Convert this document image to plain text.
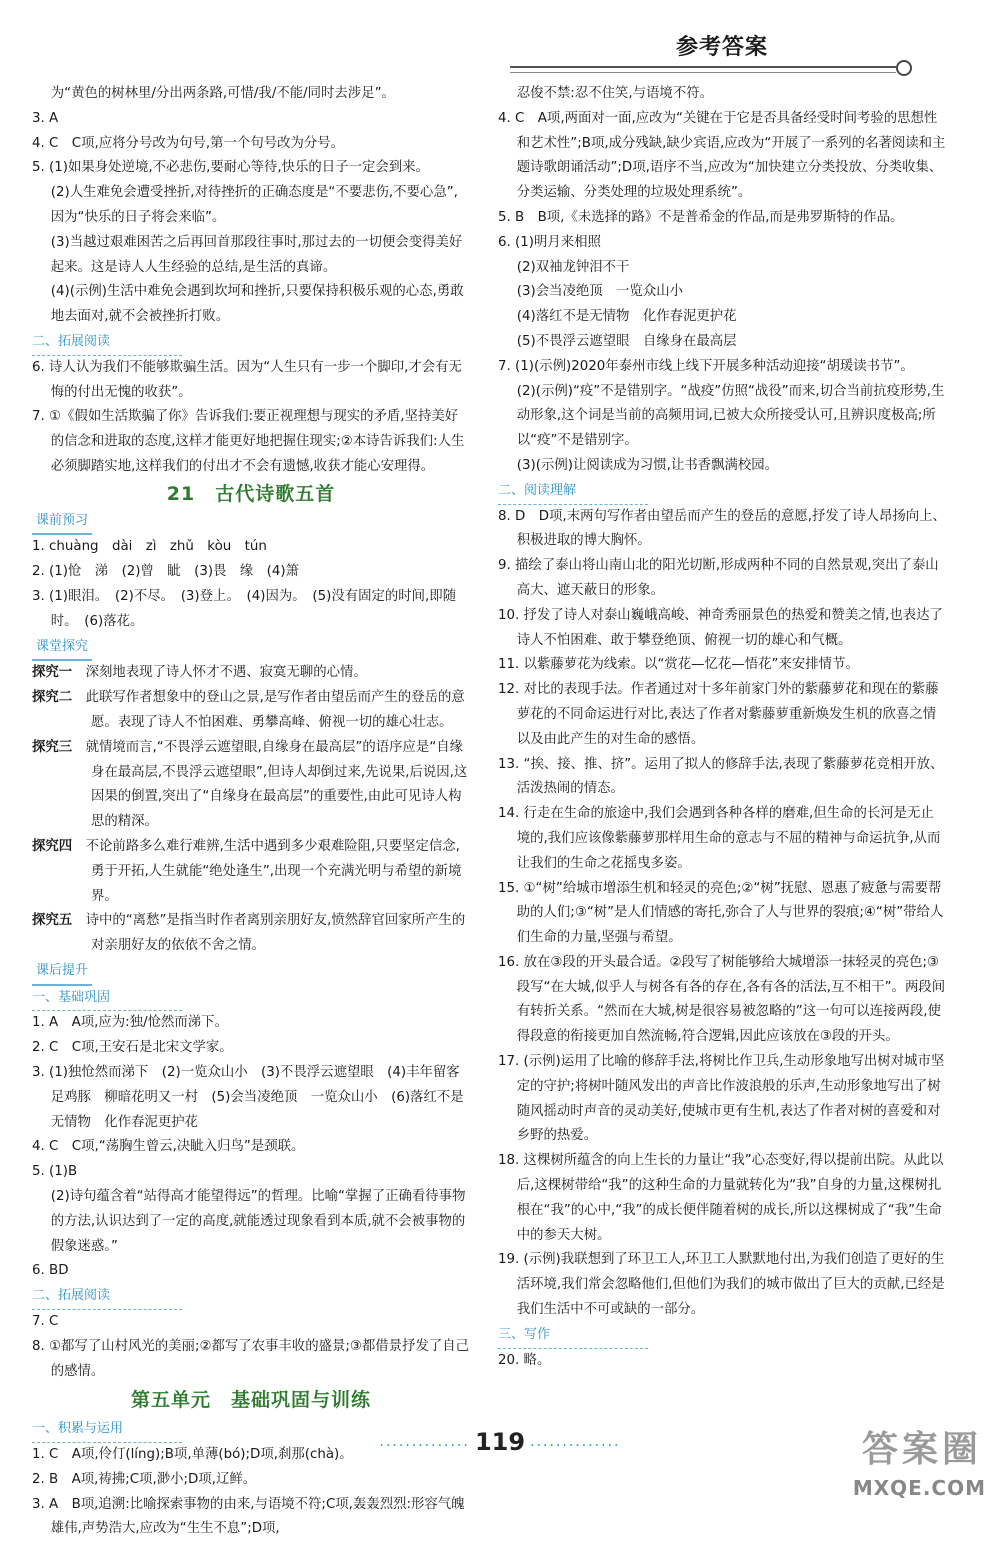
参考答案

为“黄色的树林里/分出两条路,可惜/我/不能/同时去涉足”。

3. A

4. C　C项,应将分号改为句号,第一个句号改为分号。

5. (1)如果身处逆境,不必悲伤,要耐心等待,快乐的日子一定会到来。

(2)人生难免会遭受挫折,对待挫折的正确态度是“不要悲伤,不要心急”,因为“快乐的日子将会来临”。

(3)当越过艰难困苦之后再回首那段往事时,那过去的一切便会变得美好起来。这是诗人人生经验的总结,是生活的真谛。

(4)(示例)生活中难免会遇到坎坷和挫折,只要保持积极乐观的心态,勇敢地去面对,就不会被挫折打败。

二、拓展阅读

6. 诗人认为我们不能够欺骗生活。因为“人生只有一步一个脚印,才会有无悔的付出无愧的收获”。

7. ①《假如生活欺骗了你》告诉我们:要正视理想与现实的矛盾,坚持美好的信念和进取的态度,这样才能更好地把握住现实;②本诗告诉我们:人生必须脚踏实地,这样我们的付出才不会有遗憾,收获才能心安理得。

21　古代诗歌五首

课前预习

1. chuàng　dài　zì　zhǔ　kòu　tún

2. (1)怆　涕　(2)曾　眦　(3)畏　缘　(4)箫

3. (1)眼泪。　(2)不尽。　(3)登上。　(4)因为。　(5)没有固定的时间,即随时。　(6)落花。

课堂探究

探究一　 深刻地表现了诗人怀才不遇、寂寞无聊的心情。

探究二　 此联写作者想象中的登山之景,是写作者由望岳而产生的登岳的意愿。表现了诗人不怕困难、勇攀高峰、俯视一切的雄心壮志。

探究三　 就情境而言,“不畏浮云遮望眼,自缘身在最高层”的语序应是“自缘身在最高层,不畏浮云遮望眼”,但诗人却倒过来,先说果,后说因,这因果的倒置,突出了“自缘身在最高层”的重要性,由此可见诗人构思的精深。

探究四　 不论前路多么难行难辨,生活中遇到多少艰难险阻,只要坚定信念,勇于开拓,人生就能“绝处逢生”,出现一个充满光明与希望的新境界。

探究五　 诗中的“离愁”是指当时作者离别亲朋好友,愤然辞官回家所产生的对亲朋好友的依依不舍之情。

课后提升

一、基础巩固

1. A　A项,应为:独/怆然而涕下。

2. C　C项,王安石是北宋文学家。

3. (1)独怆然而涕下　(2)一览众山小　(3)不畏浮云遮望眼　(4)丰年留客足鸡豚　柳暗花明又一村　(5)会当凌绝顶　一览众山小　(6)落红不是无情物　化作春泥更护花

4. C　C项,“荡胸生曾云,决眦入归鸟”是颈联。

5. (1)B

(2)诗句蕴含着“站得高才能望得远”的哲理。比喻“掌握了正确看待事物的方法,认识达到了一定的高度,就能透过现象看到本质,就不会被事物的假象迷惑。”

6. BD

二、拓展阅读

7. C

8. ①都写了山村风光的美丽;②都写了农事丰收的盛景;③都借景抒发了自己的感情。

第五单元　基础巩固与训练

一、积累与运用

1. C　A项,伶仃(líng);B项,单薄(bó);D项,刹那(chà)。

2. B　A项,祷拂;C项,渺小;D项,辽鲜。

3. A　B项,追溯:比喻探索事物的由来,与语境不符;C项,轰轰烈烈:形容气魄雄伟,声势浩大,应改为“生生不息”;D项,

忍俊不禁:忍不住笑,与语境不符。

4. C　A项,两面对一面,应改为“关键在于它是否具备经受时间考验的思想性和艺术性”;B项,成分残缺,缺少宾语,应改为“开展了一系列的名著阅读和主题诗歌朗诵活动”;D项,语序不当,应改为“加快建立分类投放、分类收集、分类运输、分类处理的垃圾处理系统”。

5. B　B项,《未选择的路》不是普希金的作品,而是弗罗斯特的作品。

6. (1)明月来相照

(2)双袖龙钟泪不干

(3)会当凌绝顶　一览众山小

(4)落红不是无情物　化作春泥更护花

(5)不畏浮云遮望眼　自缘身在最高层

7. (1)(示例)2020年泰州市线上线下开展多种活动迎接“胡瑗读书节”。

(2)(示例)“疫”不是错别字。“战疫”仿照“战役”而来,切合当前抗疫形势,生动形象,这个词是当前的高频用词,已被大众所接受认可,且辨识度极高;所以“疫”不是错别字。

(3)(示例)让阅读成为习惯,让书香飘满校园。

二、阅读理解

8. D　D项,末两句写作者由望岳而产生的登岳的意愿,抒发了诗人昂扬向上、积极进取的博大胸怀。

9. 描绘了泰山将山南山北的阳光切断,形成两种不同的自然景观,突出了泰山高大、遮天蔽日的形象。

10. 抒发了诗人对泰山巍峨高峻、神奇秀丽景色的热爱和赞美之情,也表达了诗人不怕困难、敢于攀登绝顶、俯视一切的雄心和气概。

11. 以紫藤萝花为线索。以“赏花—忆花—悟花”来安排情节。

12. 对比的表现手法。作者通过对十多年前家门外的紫藤萝花和现在的紫藤萝花的不同命运进行对比,表达了作者对紫藤萝重新焕发生机的欣喜之情以及由此产生的对生命的感悟。

13. “挨、接、推、挤”。运用了拟人的修辞手法,表现了紫藤萝花竞相开放、活泼热闹的情态。

14. 行走在生命的旅途中,我们会遇到各种各样的磨难,但生命的长河是无止境的,我们应该像紫藤萝那样用生命的意志与不屈的精神与命运抗争,从而让我们的生命之花摇曳多姿。

15. ①“树”给城市增添生机和轻灵的亮色;②“树”抚慰、恩惠了疲惫与需要帮助的人们;③“树”是人们情感的寄托,弥合了人与世界的裂痕;④“树”带给人们生命的力量,坚强与希望。

16. 放在③段的开头最合适。②段写了树能够给大城增添一抹轻灵的亮色;③段写“在大城,似乎人与树各有各的存在,各有各的活法,互不相干”。两段间有转折关系。“然而在大城,树是很容易被忽略的”这一句可以连接两段,使得段意的衔接更加自然流畅,符合逻辑,因此应该放在③段的开头。

17. (示例)运用了比喻的修辞手法,将树比作卫兵,生动形象地写出树对城市坚定的守护;将树叶随风发出的声音比作波浪般的乐声,生动形象地写出了树随风摇动时声音的灵动美好,使城市更有生机,表达了作者对树的喜爱和对乡野的热爱。

18. 这棵树所蕴含的向上生长的力量让“我”心态变好,得以提前出院。从此以后,这棵树带给“我”的这种生命的力量就转化为“我”自身的力量,这棵树扎根在“我”的心中,“我”的成长便伴随着树的成长,所以这棵树成了“我”生命中的参天大树。

19. (示例)我联想到了环卫工人,环卫工人默默地付出,为我们创造了更好的生活环境,我们常会忽略他们,但他们为我们的城市做出了巨大的贡献,已经是我们生活中不可或缺的一部分。

三、写作

20. 略。

·············· 119 ··············	答案圈
MXQE.COM
